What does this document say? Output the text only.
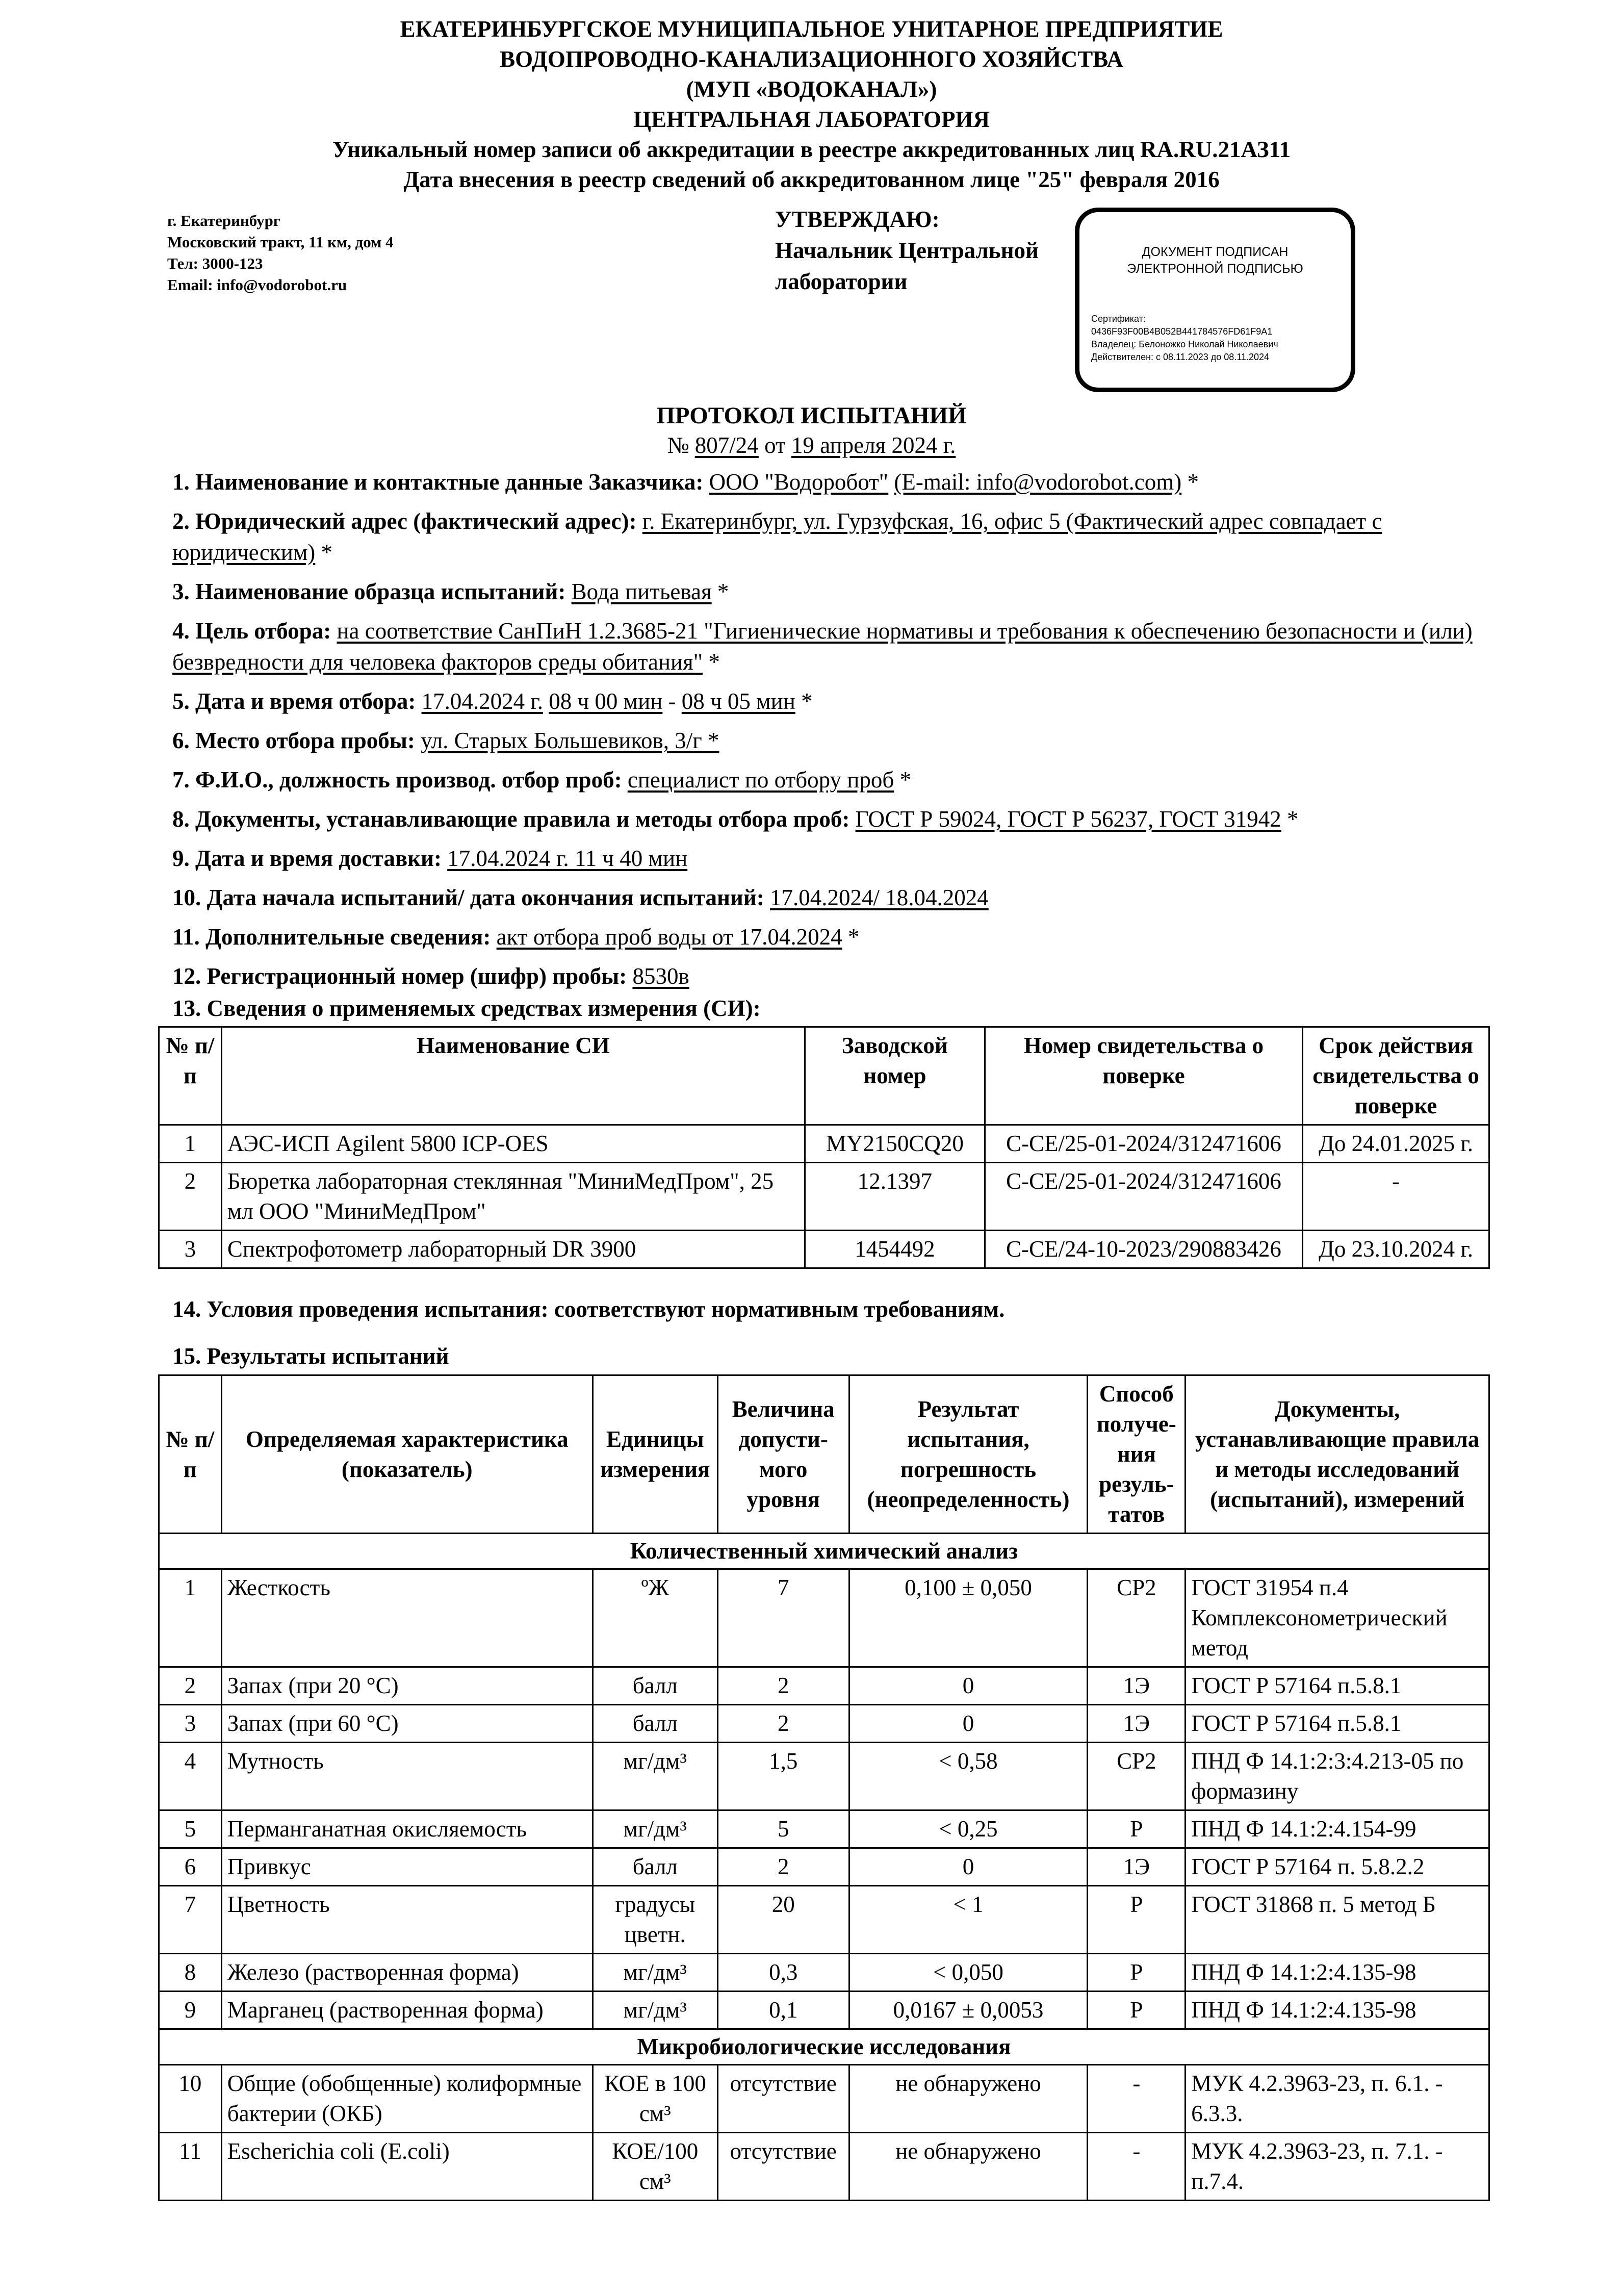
ЕКАТЕРИНБУРГСКОЕ МУНИЦИПАЛЬНОЕ УНИТАРНОЕ ПРЕДПРИЯТИЕ
ВОДОПРОВОДНО-КАНАЛИЗАЦИОННОГО ХОЗЯЙСТВА
(МУП «ВОДОКАНАЛ»)
ЦЕНТРАЛЬНАЯ ЛАБОРАТОРИЯ
Уникальный номер записи об аккредитации в реестре аккредитованных лиц RA.RU.21АЗ11
Дата внесения в реестр сведений об аккредитованном лице "25" февраля 2016
г. Екатеринбург
Московский тракт, 11 км, дом 4
Тел: 3000-123
Email: info@vodorobot.ru
УТВЕРЖДАЮ:
Начальник Центральной
лаборатории
ДОКУМЕНТ ПОДПИСАН
ЭЛЕКТРОННОЙ ПОДПИСЬЮ
Сертификат:
0436F93F00B4B052B441784576FD61F9A1
Владелец: Белоножко Николай Николаевич
Действителен: с 08.11.2023 до 08.11.2024
ПРОТОКОЛ ИСПЫТАНИЙ
№ 807/24 от 19 апреля 2024 г.
1. Наименование и контактные данные Заказчика: ООО "Водоробот" (E-mail: info@vodorobot.com) *
2. Юридический адрес (фактический адрес): г. Екатеринбург, ул. Гурзуфская, 16, офис 5 (Фактический адрес совпадает с юридическим) *
3. Наименование образца испытаний: Вода питьевая *
4. Цель отбора: на соответствие СанПиН 1.2.3685-21 "Гигиенические нормативы и требования к обеспечению безопасности и (или) безвредности для человека факторов среды обитания" *
5. Дата и время отбора: 17.04.2024 г. 08 ч 00 мин - 08 ч 05 мин *
6. Место отбора пробы: ул. Старых Большевиков, 3/г *
7. Ф.И.О., должность производ. отбор проб: специалист по отбору проб *
8. Документы, устанавливающие правила и методы отбора проб: ГОСТ Р 59024, ГОСТ Р 56237, ГОСТ 31942 *
9. Дата и время доставки: 17.04.2024 г. 11 ч 40 мин
10. Дата начала испытаний/ дата окончания испытаний: 17.04.2024/ 18.04.2024
11. Дополнительные сведения: акт отбора проб воды от 17.04.2024 *
12. Регистрационный номер (шифр) пробы: 8530в
13. Сведения о применяемых средствах измерения (СИ):
№ п/п	Наименование СИ	Заводской номер	Номер свидетельства о поверке	Срок действия свидетельства о поверке
1	АЭС-ИСП Agilent 5800 ICP-OES	MY2150CQ20	С-СЕ/25-01-2024/312471606	До 24.01.2025 г.
2	Бюретка лабораторная стеклянная "МиниМедПром", 25 мл ООО "МиниМедПром"	12.1397	С-СЕ/25-01-2024/312471606	-
3	Спектрофотометр лабораторный DR 3900	1454492	С-СЕ/24-10-2023/290883426	До 23.10.2024 г.
14. Условия проведения испытания: соответствуют нормативным требованиям.
15. Результаты испытаний
№ п/п	Определяемая характеристика (показатель)	Единицы измерения	Величина допусти-мого уровня	Результат испытания, погрешность (неопределенность)	Способ получе-ния резуль-татов	Документы, устанавливающие правила и методы исследований (испытаний), измерений
Количественный химический анализ						
1	Жесткость	ºЖ	7	0,100 ± 0,050	СР2	ГОСТ 31954 п.4 Комплексонометрический метод
2	Запах (при 20 °С)	балл	2	0	1Э	ГОСТ Р 57164 п.5.8.1
3	Запах (при 60 °С)	балл	2	0	1Э	ГОСТ Р 57164 п.5.8.1
4	Мутность	мг/дм³	1,5	< 0,58	СР2	ПНД Ф 14.1:2:3:4.213-05 по формазину
5	Перманганатная окисляемость	мг/дм³	5	< 0,25	Р	ПНД Ф 14.1:2:4.154-99
6	Привкус	балл	2	0	1Э	ГОСТ Р 57164 п. 5.8.2.2
7	Цветность	градусы цветн.	20	< 1	Р	ГОСТ 31868 п. 5 метод Б
8	Железо (растворенная форма)	мг/дм³	0,3	< 0,050	Р	ПНД Ф 14.1:2:4.135-98
9	Марганец (растворенная форма)	мг/дм³	0,1	0,0167 ± 0,0053	Р	ПНД Ф 14.1:2:4.135-98
Микробиологические исследования						
10	Общие (обобщенные) колиформные бактерии (ОКБ)	КОЕ в 100 см³	отсутствие	не обнаружено	-	МУК 4.2.3963-23, п. 6.1. - 6.3.3.
11	Escherichia coli (E.coli)	КОЕ/100 см³	отсутствие	не обнаружено	-	МУК 4.2.3963-23, п. 7.1. - п.7.4.
